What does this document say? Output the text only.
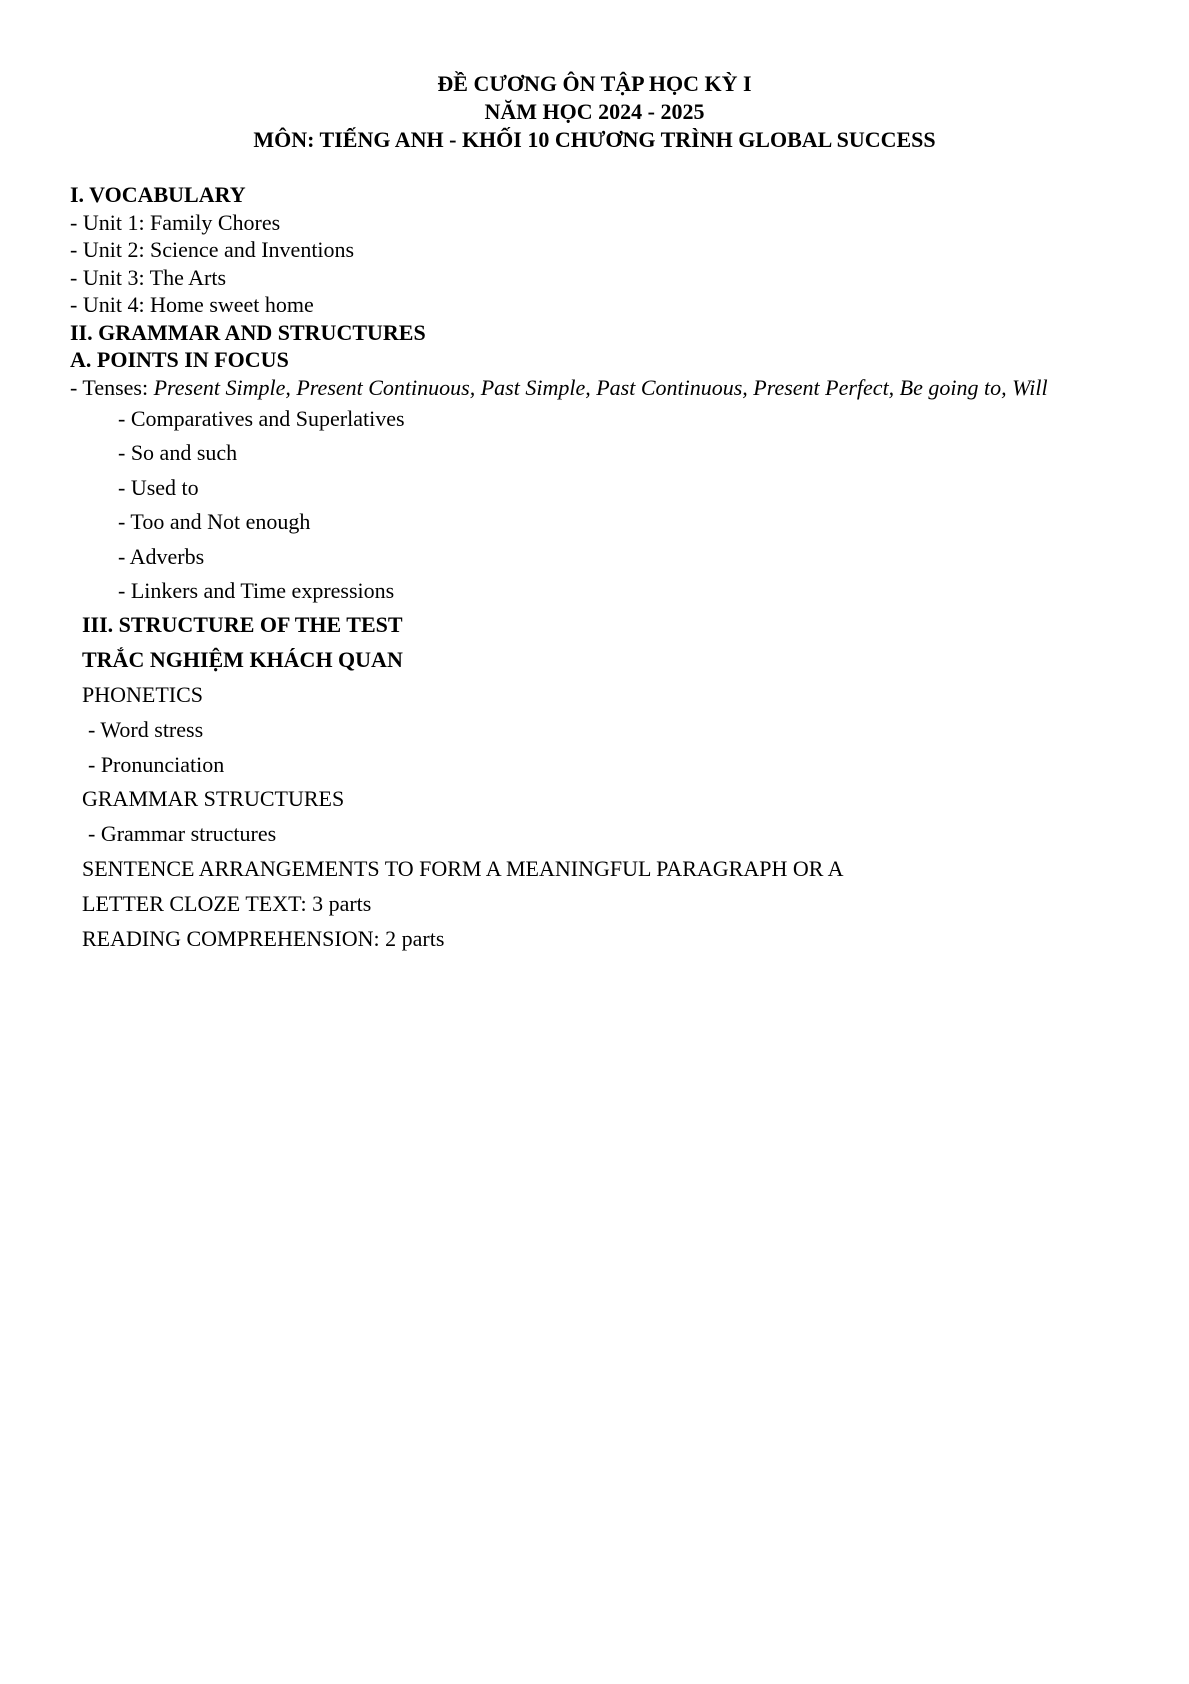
ĐỀ CƯƠNG ÔN TẬP HỌC KỲ I
NĂM HỌC 2024 - 2025
MÔN: TIẾNG ANH - KHỐI 10 CHƯƠNG TRÌNH GLOBAL SUCCESS
I. VOCABULARY
- Unit 1: Family Chores
- Unit 2: Science and Inventions
- Unit 3: The Arts
- Unit 4: Home sweet home
II. GRAMMAR AND STRUCTURES
A. POINTS IN FOCUS
- Tenses: Present Simple, Present Continuous, Past Simple, Past Continuous, Present Perfect, Be going to, Will
- Comparatives and Superlatives
- So and such
- Used to
- Too and Not enough
- Adverbs
- Linkers and Time expressions
III. STRUCTURE OF THE TEST
TRẮC NGHIỆM KHÁCH QUAN
PHONETICS
- Word stress
- Pronunciation
GRAMMAR STRUCTURES
- Grammar structures
SENTENCE ARRANGEMENTS TO FORM A MEANINGFUL PARAGRAPH OR A
LETTER CLOZE TEXT: 3 parts
READING COMPREHENSION: 2 parts
